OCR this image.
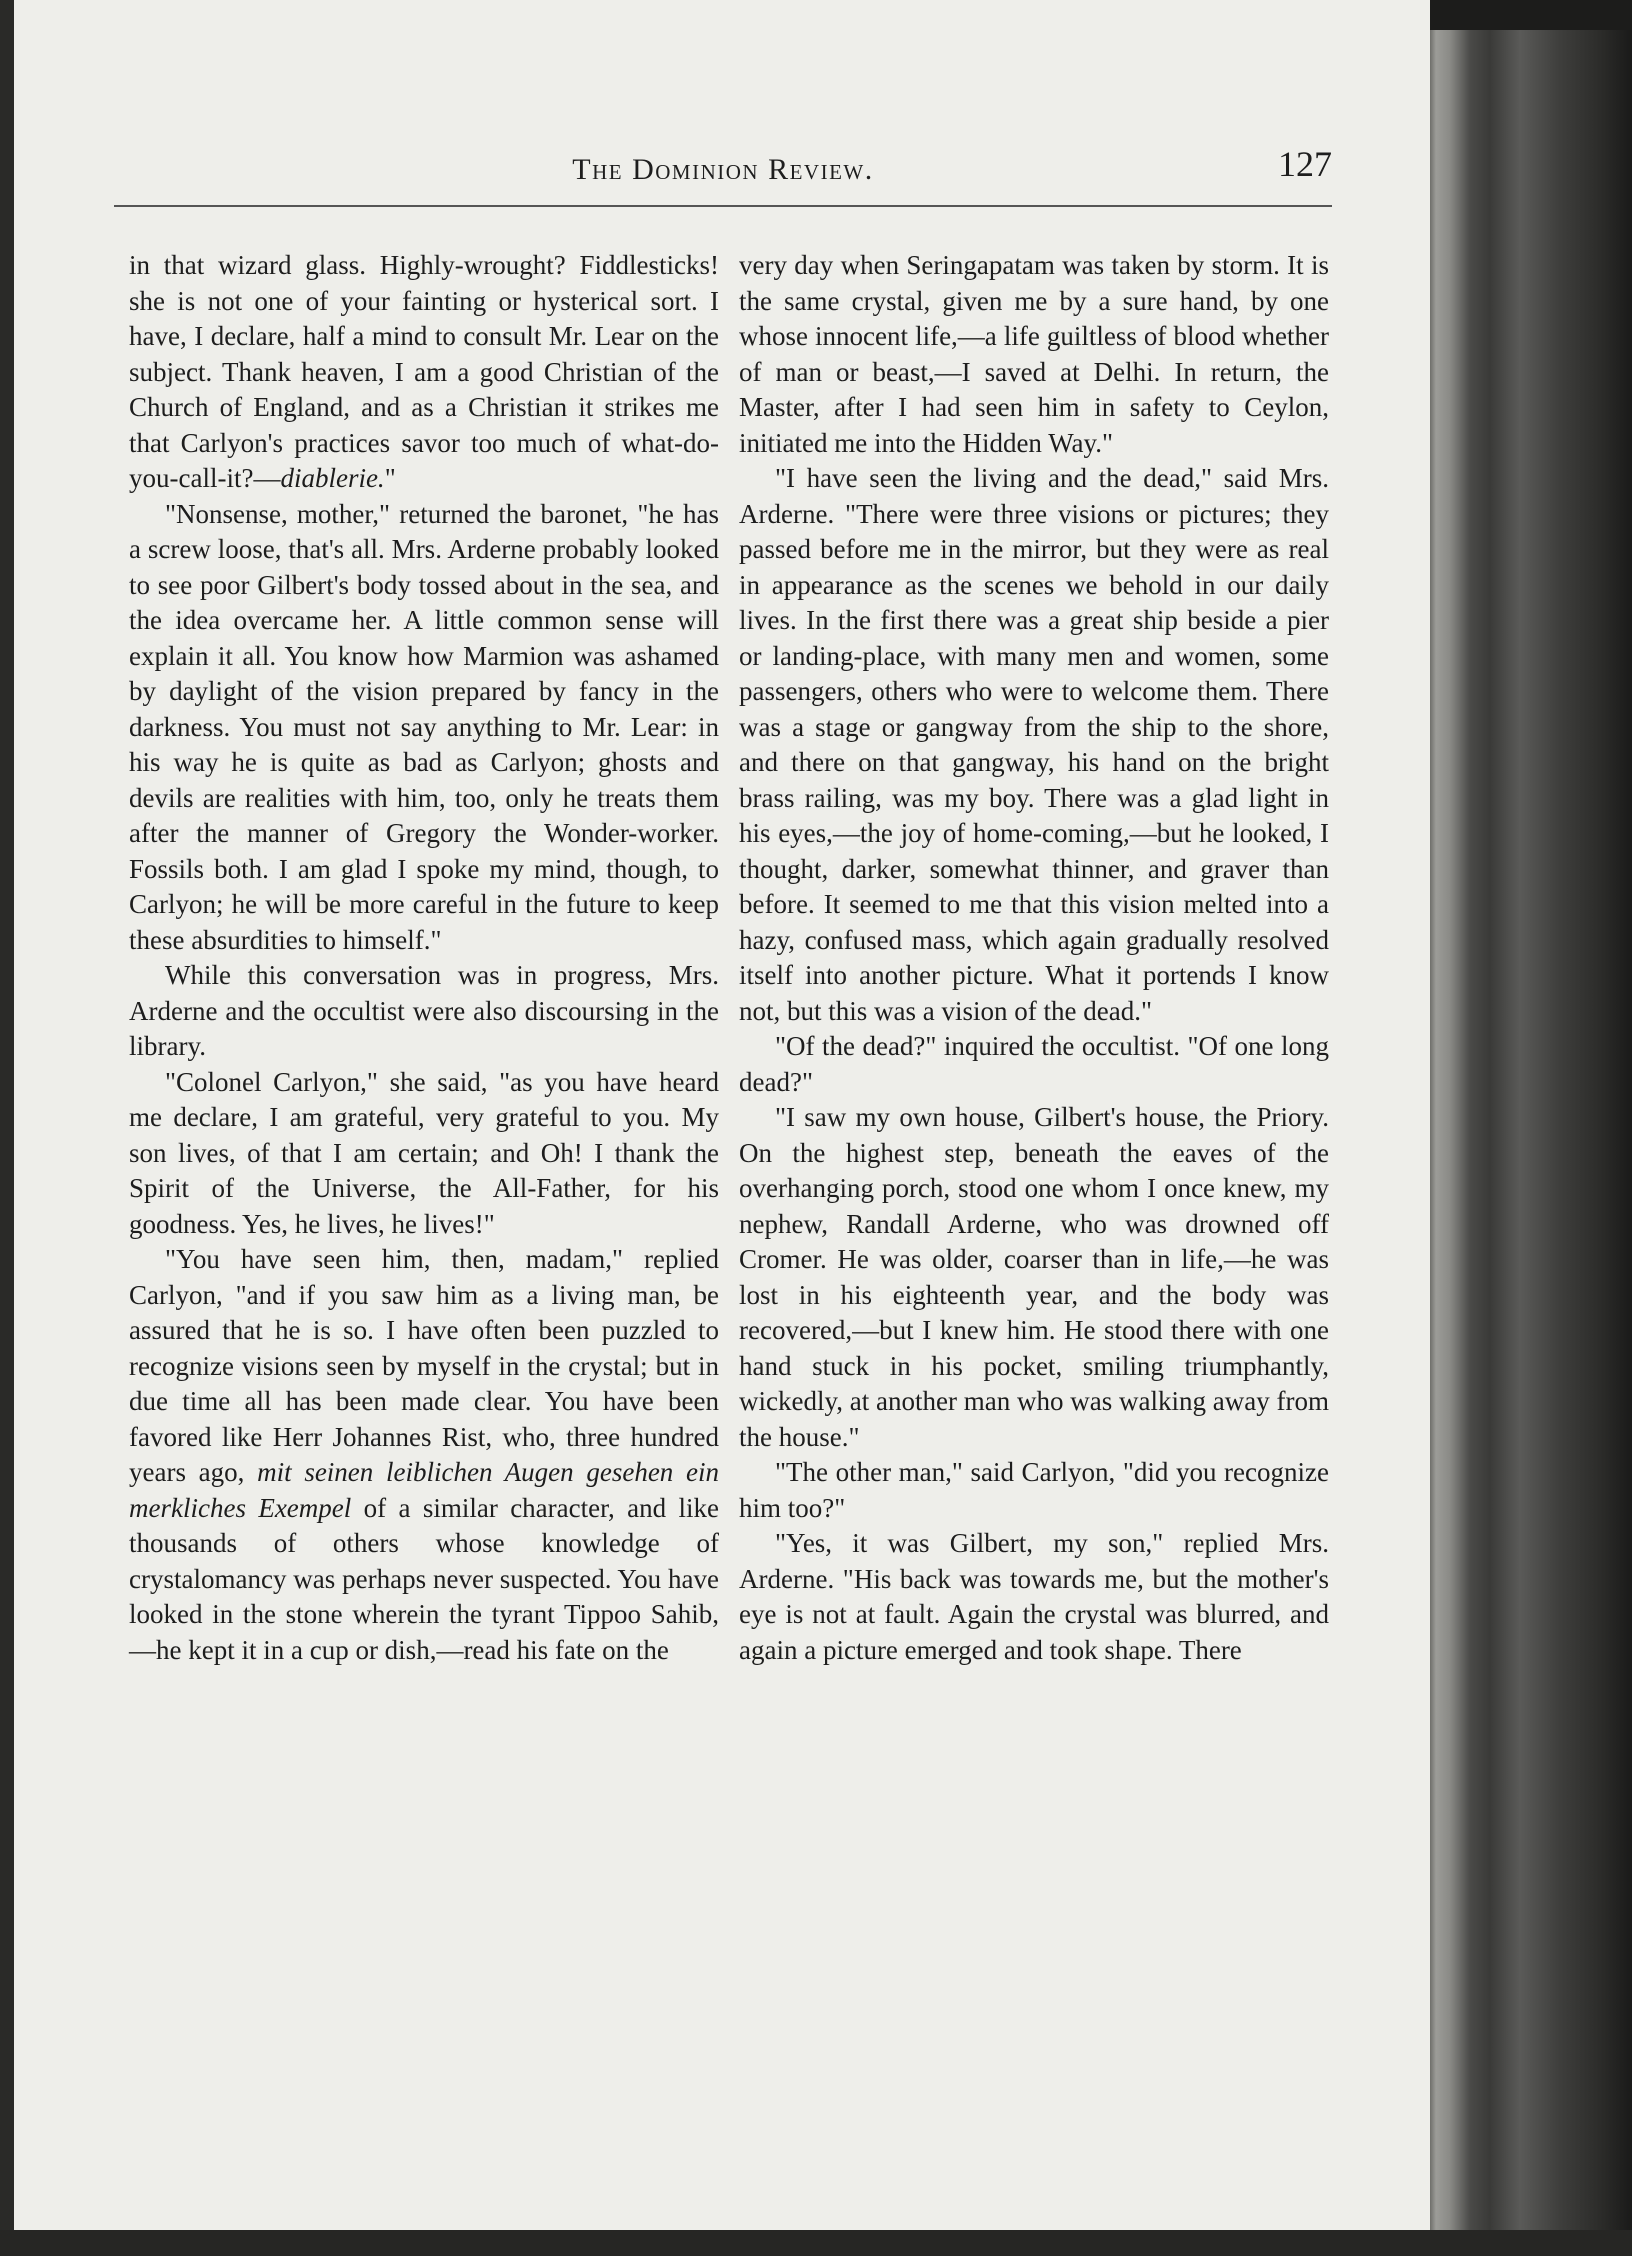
The Dominion Review.	127

in that wizard glass. Highly-wrought? Fiddlesticks! she is not one of your fainting or hysterical sort. I have, I declare, half a mind to consult Mr. Lear on the subject. Thank heaven, I am a good Christian of the Church of England, and as a Christian it strikes me that Carlyon's practices savor too much of what-do-you-call-it?—diablerie."

"Nonsense, mother," returned the baronet, "he has a screw loose, that's all. Mrs. Arderne probably looked to see poor Gilbert's body tossed about in the sea, and the idea overcame her. A little common sense will explain it all. You know how Marmion was ashamed by daylight of the vision prepared by fancy in the darkness. You must not say anything to Mr. Lear: in his way he is quite as bad as Carlyon; ghosts and devils are realities with him, too, only he treats them after the manner of Gregory the Wonder-worker. Fossils both. I am glad I spoke my mind, though, to Carlyon; he will be more careful in the future to keep these absurdities to himself."

While this conversation was in progress, Mrs. Arderne and the occultist were also discoursing in the library.

"Colonel Carlyon," she said, "as you have heard me declare, I am grateful, very grateful to you. My son lives, of that I am certain; and Oh! I thank the Spirit of the Universe, the All-Father, for his goodness. Yes, he lives, he lives!"

"You have seen him, then, madam," replied Carlyon, "and if you saw him as a living man, be assured that he is so. I have often been puzzled to recognize visions seen by myself in the crystal; but in due time all has been made clear. You have been favored like Herr Johannes Rist, who, three hundred years ago, mit seinen leiblichen Augen gesehen ein merkliches Exempel of a similar character, and like thousands of others whose knowledge of crystalomancy was perhaps never suspected. You have looked in the stone wherein the tyrant Tippoo Sahib,—he kept it in a cup or dish,—read his fate on the

very day when Seringapatam was taken by storm. It is the same crystal, given me by a sure hand, by one whose innocent life,—a life guiltless of blood whether of man or beast,—I saved at Delhi. In return, the Master, after I had seen him in safety to Ceylon, initiated me into the Hidden Way."

"I have seen the living and the dead," said Mrs. Arderne. "There were three visions or pictures; they passed before me in the mirror, but they were as real in appearance as the scenes we behold in our daily lives. In the first there was a great ship beside a pier or landing-place, with many men and women, some passengers, others who were to welcome them. There was a stage or gangway from the ship to the shore, and there on that gangway, his hand on the bright brass railing, was my boy. There was a glad light in his eyes,—the joy of home-coming,—but he looked, I thought, darker, somewhat thinner, and graver than before. It seemed to me that this vision melted into a hazy, confused mass, which again gradually resolved itself into another picture. What it portends I know not, but this was a vision of the dead."

"Of the dead?" inquired the occultist. "Of one long dead?"

"I saw my own house, Gilbert's house, the Priory. On the highest step, beneath the eaves of the overhanging porch, stood one whom I once knew, my nephew, Randall Arderne, who was drowned off Cromer. He was older, coarser than in life,—he was lost in his eighteenth year, and the body was recovered,—but I knew him. He stood there with one hand stuck in his pocket, smiling triumphantly, wickedly, at another man who was walking away from the house."

"The other man," said Carlyon, "did you recognize him too?"

"Yes, it was Gilbert, my son," replied Mrs. Arderne. "His back was towards me, but the mother's eye is not at fault. Again the crystal was blurred, and again a picture emerged and took shape. There
